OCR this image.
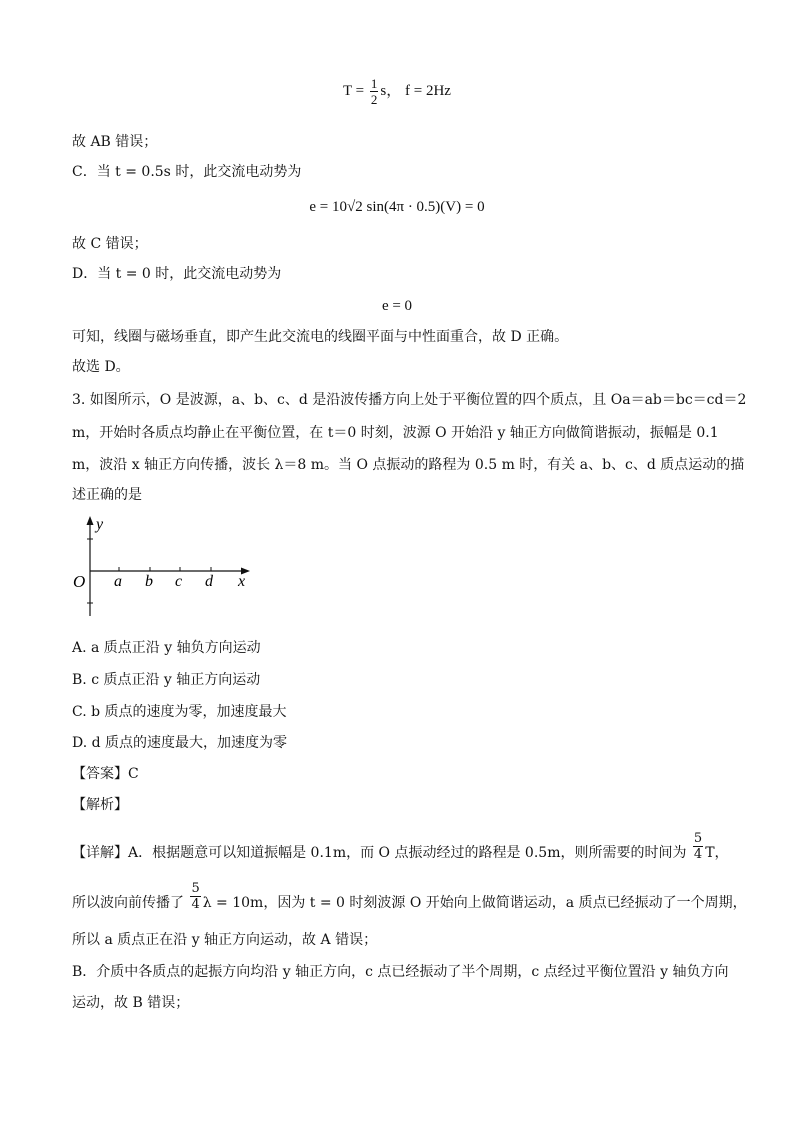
$T = \frac{1}{2}$ s， f = 2Hz
故 AB 错误；
C．当 t = 0.5s 时，此交流电动势为
e = 10√2 sin(4π · 0.5)(V) = 0
故 C 错误；
D．当 t = 0 时，此交流电动势为
e = 0
可知，线圈与磁场垂直，即产生此交流电的线圈平面与中性面重合，故 D 正确。
故选 D。
3. 如图所示，O 是波源，a、b、c、d 是沿波传播方向上处于平衡位置的四个质点，且 Oa＝ab＝bc＝cd＝2
m，开始时各质点均静止在平衡位置，在 t＝0 时刻，波源 O 开始沿 y 轴正方向做简谐振动，振幅是 0.1
m，波沿 x 轴正方向传播，波长 λ＝8 m。当 O 点振动的路程为 0.5 m 时，有关 a、b、c、d 质点运动的描
述正确的是
y
O a b c d x
A. a 质点正沿 y 轴负方向运动
B. c 质点正沿 y 轴正方向运动
C. b 质点的速度为零，加速度最大
D. d 质点的速度最大，加速度为零
【答案】C
【解析】
【详解】A．根据题意可以知道振幅是 0.1m，而 O 点振动经过的路程是 0.5m，则所需要的时间为 $\frac{5}{4}$ T，
所以波向前传播了 $\frac{5}{4}$ λ = 10m，因为 t = 0 时刻波源 O 开始向上做简谐运动，a 质点已经振动了一个周期，
所以 a 质点正在沿 y 轴正方向运动，故 A 错误；
B．介质中各质点的起振方向均沿 y 轴正方向，c 点已经振动了半个周期，c 点经过平衡位置沿 y 轴负方向
运动，故 B 错误；
